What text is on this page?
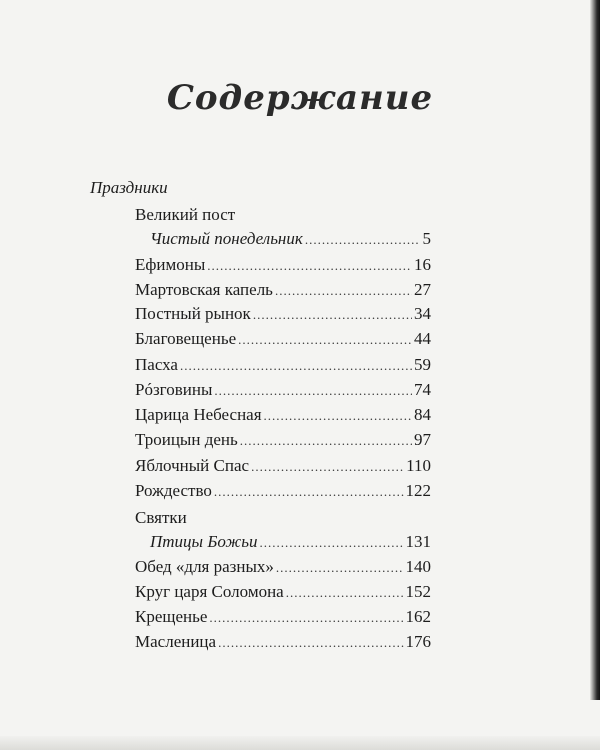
Содержание
Праздники
Великий пост
Чистый понедельник .....	5
Ефимоны .....	16
Мартовская капель .....	27
Постный рынок .....	34
Благовещенье .....	44
Пасха .....	59
Рóзговины .....	74
Царица Небесная .....	84
Троицын день .....	97
Яблочный Спас .....	110
Рождество .....	122
Святки
Птицы Божьи .....	131
Обед «для разных» .....	140
Круг царя Соломона .....	152
Крещенье .....	162
Масленица .....	176
